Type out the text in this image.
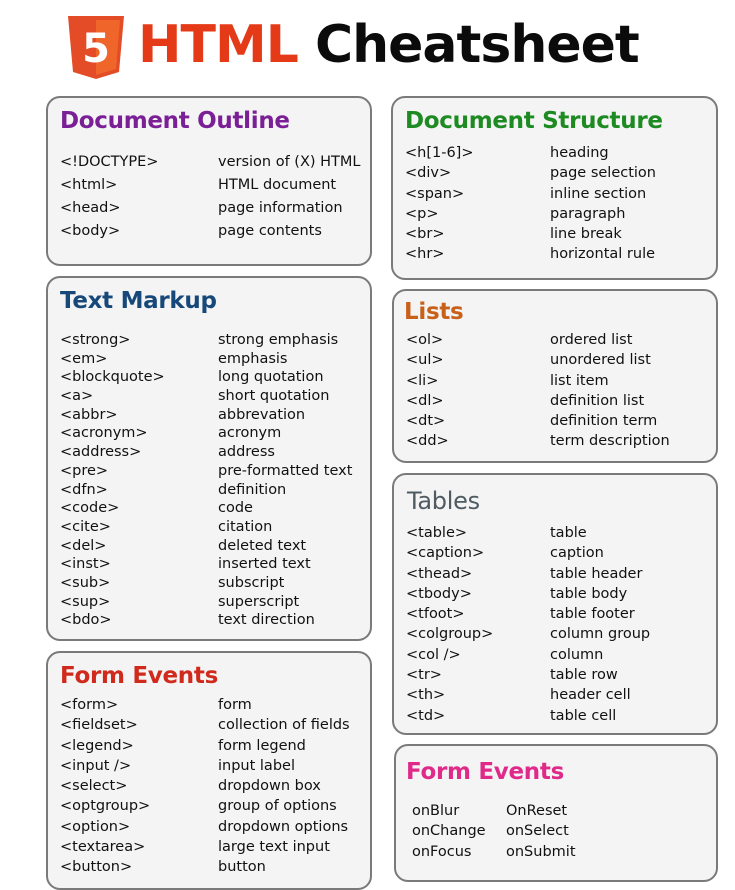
5 HTML Cheatsheet
Document Outline
<!DOCTYPE>	version of (X) HTML
<html>	HTML document
<head>	page information
<body>	page contents
Document Structure
<h[1-6]>	heading
<div>	page selection
<span>	inline section
<p>	paragraph
<br>	line break
<hr>	horizontal rule
Text Markup
<strong>	strong emphasis
<em>	emphasis
<blockquote>	long quotation
<a>	short quotation
<abbr>	abbrevation
<acronym>	acronym
<address>	address
<pre>	pre-formatted text
<dfn>	definition
<code>	code
<cite>	citation
<del>	deleted text
<inst>	inserted text
<sub>	subscript
<sup>	superscript
<bdo>	text direction
Lists
<ol>	ordered list
<ul>	unordered list
<li>	list item
<dl>	definition list
<dt>	definition term
<dd>	term description
Tables
<table>	table
<caption>	caption
<thead>	table header
<tbody>	table body
<tfoot>	table footer
<colgroup>	column group
<col />	column
<tr>	table row
<th>	header cell
<td>	table cell
Form Events
<form>	form
<fieldset>	collection of fields
<legend>	form legend
<input />	input label
<select>	dropdown box
<optgroup>	group of options
<option>	dropdown options
<textarea>	large text input
<button>	button
Form Events
onBlur	OnReset
onChange onSelect
onFocus onSubmit
